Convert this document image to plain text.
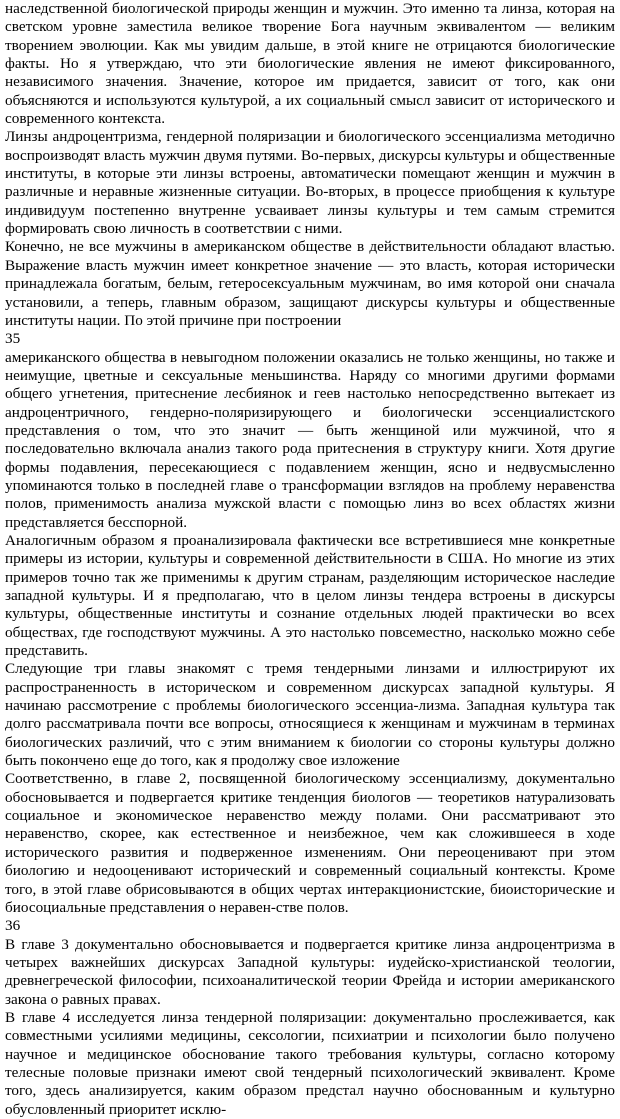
наследственной биологической природы женщин и мужчин. Это именно та линза, которая на светском уровне заместила великое творение Бога научным эквивалентом — великим творением эволюции. Как мы увидим дальше, в этой книге не отрицаются биологические факты. Но я утверждаю, что эти биологические явления не имеют фиксированного, независимого значения. Значение, которое им придается, зависит от того, как они объясняются и используются культурой, а их социальный смысл зависит от исторического и современного контекста.

Линзы андроцентризма, гендерной поляризации и биологического эссенциализма методично воспроизводят власть мужчин двумя путями. Во-первых, дискурсы культуры и общественные институты, в которые эти линзы встроены, автоматически помещают женщин и мужчин в различные и неравные жизненные ситуации. Во-вторых, в процессе приобщения к культуре индивидуум постепенно внутренне усваивает линзы культуры и тем самым стремится формировать свою личность в соответствии с ними.

Конечно, не все мужчины в американском обществе в действительности обладают властью. Выражение власть мужчин имеет конкретное значение — это власть, которая исторически принадлежала богатым, белым, гетеросексуальным мужчинам, во имя которой они сначала установили, а теперь, главным образом, защищают дискурсы культуры и общественные институты нации. По этой причине при построении

35

американского общества в невыгодном положении оказались не только женщины, но также и неимущие, цветные и сексуальные меньшинства. Наряду со многими другими формами общего угнетения, притеснение лесбиянок и геев настолько непосредственно вытекает из андроцентричного, гендерно-поляризирующего и биологически эссенциалистского представления о том, что это значит — быть женщиной или мужчиной, что я последовательно включала анализ такого рода притеснения в структуру книги. Хотя другие формы подавления, пересекающиеся с подавлением женщин, ясно и недвусмысленно упоминаются только в последней главе о трансформации взглядов на проблему неравенства полов, применимость анализа мужской власти с помощью линз во всех областях жизни представляется бесспорной.

Аналогичным образом я проанализировала фактически все встретившиеся мне конкретные примеры из истории, культуры и современной действительности в США. Но многие из этих примеров точно так же применимы к другим странам, разделяющим историческое наследие западной культуры. И я предполагаю, что в целом линзы тендера встроены в дискурсы культуры, общественные институты и сознание отдельных людей практически во всех обществах, где господствуют мужчины. А это настолько повсеместно, насколько можно себе представить.

Следующие три главы знакомят с тремя тендерными линзами и иллюстрируют их распространенность в историческом и современном дискурсах западной культуры. Я начинаю рассмотрение с проблемы биологического эссенциа-лизма. Западная культура так долго рассматривала почти все вопросы, относящиеся к женщинам и мужчинам в терминах биологических различий, что с этим вниманием к биологии со стороны культуры должно быть покончено еще до того, как я продолжу свое изложение

Соответственно, в главе 2, посвященной биологическому эссенциализму, документально обосновывается и подвергается критике тенденция биологов — теоретиков натурализовать социальное и экономическое неравенство между полами. Они рассматривают это неравенство, скорее, как естественное и неизбежное, чем как сложившееся в ходе исторического развития и подверженное изменениям. Они переоценивают при этом биологию и недооценивают исторический и современный социальный контексты. Кроме того, в этой главе обрисовываются в общих чертах интеракционистские, биоисторические и биосоциальные представления о нерaвен-стве полов.

36

В главе 3 документально обосновывается и подвергается критике линза андроцентризма в четырех важнейших дискурсах Западной культуры: иудейско-христианской теологии, древнегреческой философии, психоаналитической теории Фрейда и истории американского закона о равных правах.

В главе 4 исследуется линза тендерной поляризации: документально прослеживается, как совместными усилиями медицины, сексологии, психиатрии и психологии было получено научное и медицинское обоснование такого требования культуры, согласно которому телесные половые признаки имеют свой тендерный психологический эквивалент. Кроме того, здесь анализируется, каким образом предстал научно обоснованным и культурно обусловленный приоритет исклю-
